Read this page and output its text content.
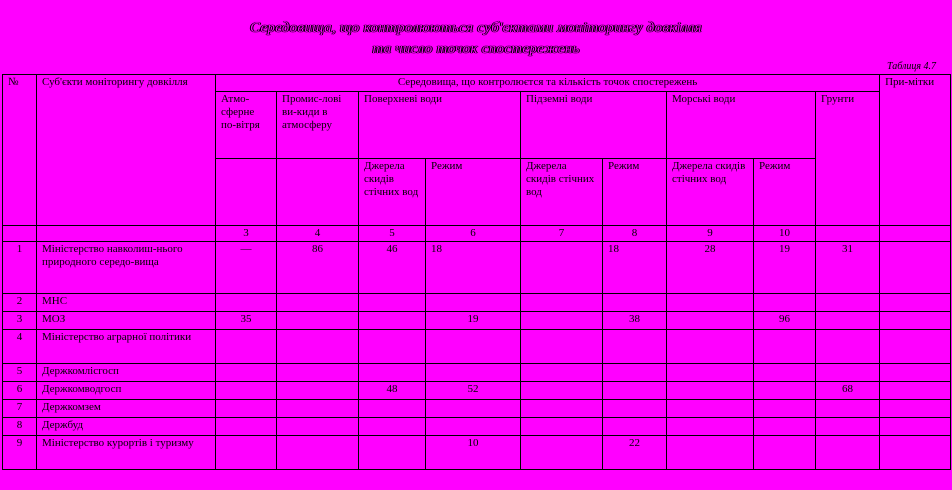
Середовища, що контролюються суб'єктами моніторингу довкілля
та число точок спостережень
Таблиця 4.7
№	Суб'єкти моніторингу довкілля	Середовища, що контролюєтся та кількість точок спостережень									При-мітки
		Атмо-сферне по-вітря	Промис-лові ви-киди в атмосферу	Поверхневі води		Підземні води		Морські води		Грунти	
				Джерела скидів стічних вод	Режим	Джерела скидів стічних вод	Режим	Джерела скидів стічних вод	Режим		
		3	4	5	6	7	8	9	10		
1	Міністерство навколиш-нього природного середо-вища	—	86	46	18		18	28	19	31	
2	МНС										
3	МОЗ	35			19		38		96		
4	Міністерство аграрної політики										
5	Держкомлісгосп										
6	Держкомводгосп			48	52					68	
7	Держкомзем										
8	Держбуд										
9	Міністерство курортів і туризму				10		22				
